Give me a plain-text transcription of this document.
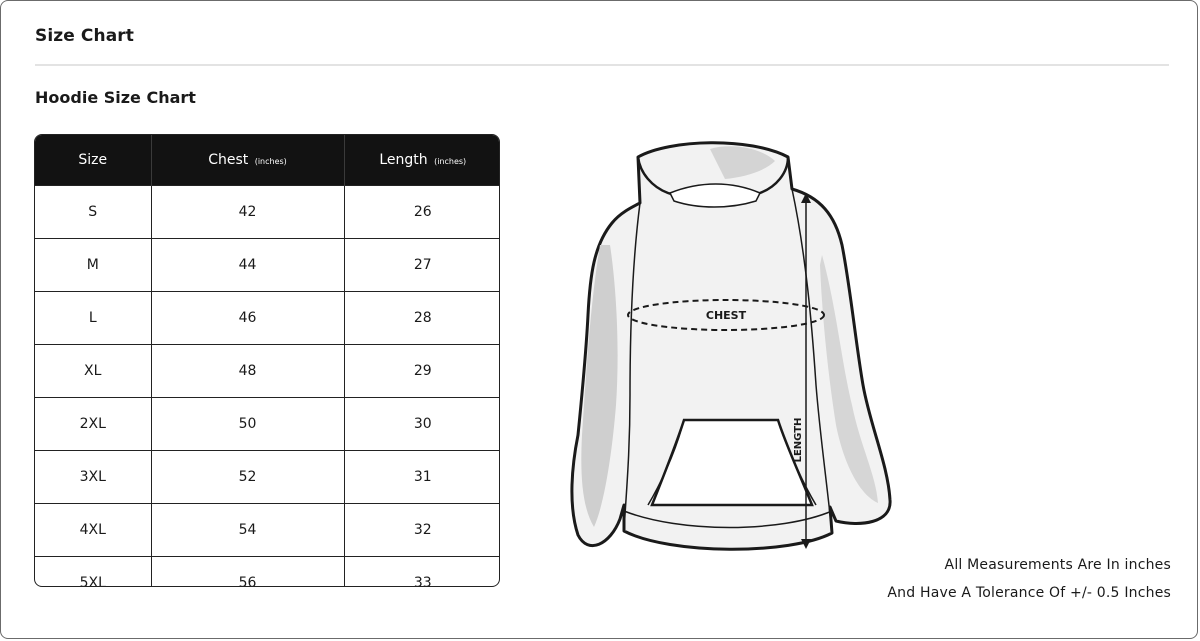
Size Chart
Hoodie Size Chart
Size	Chest (inches)	Length (inches)
S	42	26
M	44	27
L	46	28
XL	48	29
2XL	50	30
3XL	52	31
4XL	54	32
5XL	56	33
CHEST
LENGTH
All Measurements Are In inches
And Have A Tolerance Of +/- 0.5 Inches
